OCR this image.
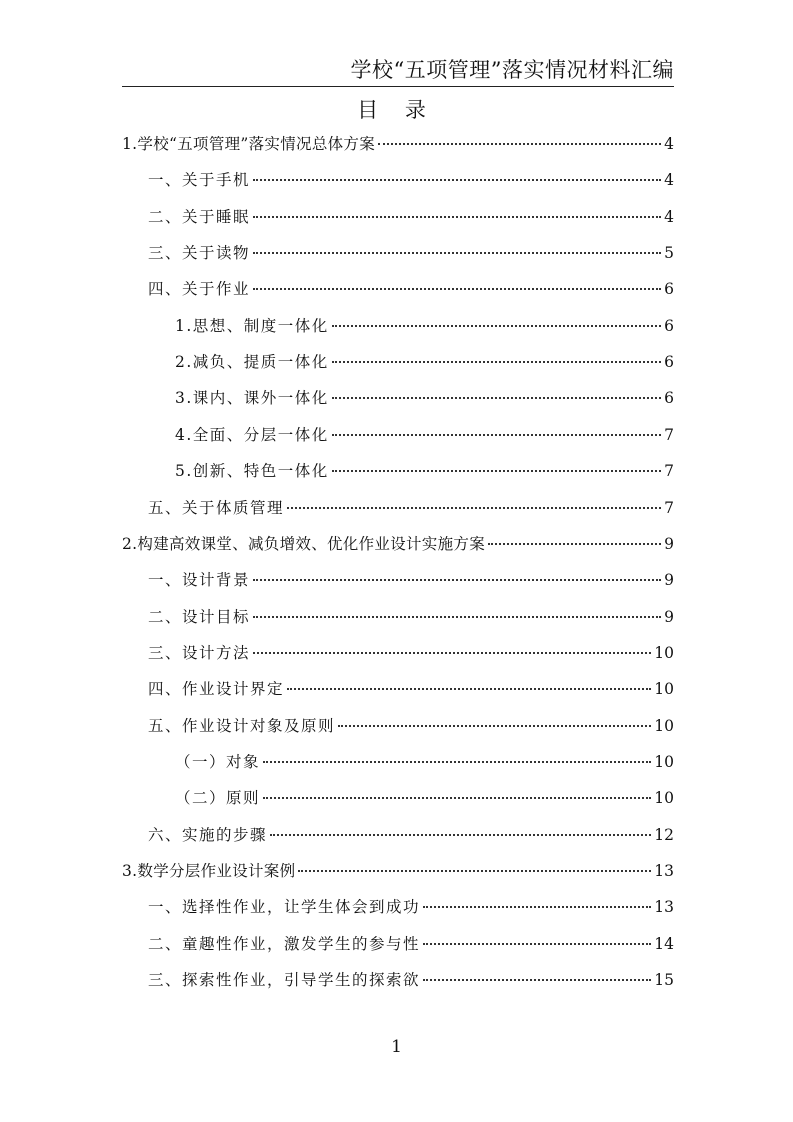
学校“五项管理”落实情况材料汇编
目 录
1.学校“五项管理”落实情况总体方案	4
一、关于手机	4
二、关于睡眠	4
三、关于读物	5
四、关于作业	6
1.思想、制度一体化	6
2.减负、提质一体化	6
3.课内、课外一体化	6
4.全面、分层一体化	7
5.创新、特色一体化	7
五、关于体质管理	7
2.构建高效课堂、减负增效、优化作业设计实施方案	9
一、设计背景	9
二、设计目标	9
三、设计方法	10
四、作业设计界定	10
五、作业设计对象及原则	10
（一）对象	10
（二）原则	10
六、实施的步骤	12
3.数学分层作业设计案例	13
一、选择性作业，让学生体会到成功	13
二、童趣性作业，激发学生的参与性	14
三、探索性作业，引导学生的探索欲	15
1
